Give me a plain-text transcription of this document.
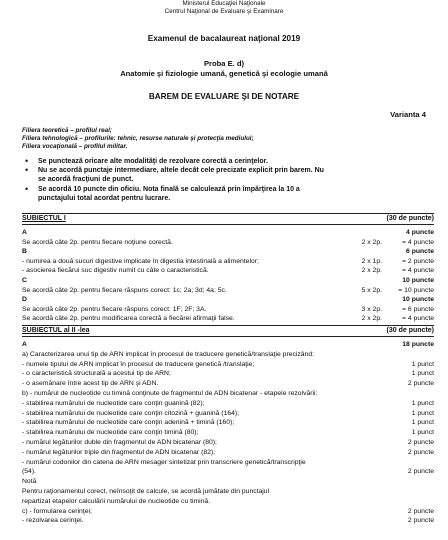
Ministerul Educaţiei Naţionale
Centrul Naţional de Evaluare şi Examinare
Examenul de bacalaureat naţional 2019
Proba E. d)
Anatomie şi fiziologie umană, genetică şi ecologie umană
BAREM DE EVALUARE ŞI DE NOTARE
Varianta 4
Filiera teoretică – profilul real;
Filiera tehnologică – profilurile: tehnic, resurse naturale şi protecţia mediului;
Filiera vocaţională – profilul militar.
• Se punctează oricare alte modalităţi de rezolvare corectă a cerinţelor.
• Nu se acordă punctaje intermediare, altele decât cele precizate explicit prin barem. Nu
se acordă fracţiuni de punct.
• Se acordă 10 puncte din oficiu. Nota finală se calculează prin împărţirea la 10 a
punctajului total acordat pentru lucrare.
SUBIECTUL I	(30 de puncte)
A	4 puncte
Se acordă câte 2p. pentru fiecare noţiune corectă.	2 x 2p.	= 4 puncte
B	6 puncte
- numirea a două sucuri digestive implicate în digestia intestinală a alimentelor;	2 x 1p.	= 2 puncte
- asocierea fiecărui suc digestiv numit cu câte o caracteristică.	2 x 2p.	= 4 puncte
C	10 puncte
Se acordă câte 2p. pentru fiecare răspuns corect: 1c; 2a; 3d; 4a; 5c.	5 x 2p. = 10 puncte
D	10 puncte
Se acordă câte 2p. pentru fiecare răspuns corect: 1F; 2F; 3A.	3 x 2p.	= 6 puncte
Se acordă câte 2p. pentru modificarea corectă a fiecărei afirmaţii false.	2 x 2p.	= 4 puncte
SUBIECTUL al II -lea	(30 de puncte)
A	18 puncte
a) Caracterizarea unui tip de ARN implicat în procesul de traducere genetică/translaţie precizând:
- numele tipului de ARN implicat în procesul de traducere genetică /translaţie;	1 punct
- o caracteristică structurală a acestui tip de ARN;	1 punct
- o asemănare între acest tip de ARN şi ADN.	2 puncte
b) - numărul de nucleotide cu timină conţinute de fragmentul de ADN bicatenar - etapele rezolvării:
- stabilirea numărului de nucleotide care conţin guanină (82);	1 punct
- stabilirea numărului de nucleotide care conţin citozină + guanină (164);	1 punct
- stabilirea numărului de nucleotide care conţin adenină + timină (160);	1 punct
- stabilirea numărului de nucleotide care conţin timină (80);	1 punct
- numărul legăturilor duble din fragmentul de ADN bicatenar (80);	2 puncte
- numărul legăturilor triple din fragmentul de ADN bicatenar (82);	2 puncte
- numărul codonilor din catena de ARN mesager sintetizat prin transcriere genetică/transcripţie
(54).	2 puncte
Notă
Pentru raţionamentul corect, neînsoţit de calcule, se acordă jumătate din punctajul
repartizat etapelor calculării numărului de nucleotide cu timină.
c) - formularea cerinţei;	2 puncte
- rezolvarea cerinţei.	2 puncte
